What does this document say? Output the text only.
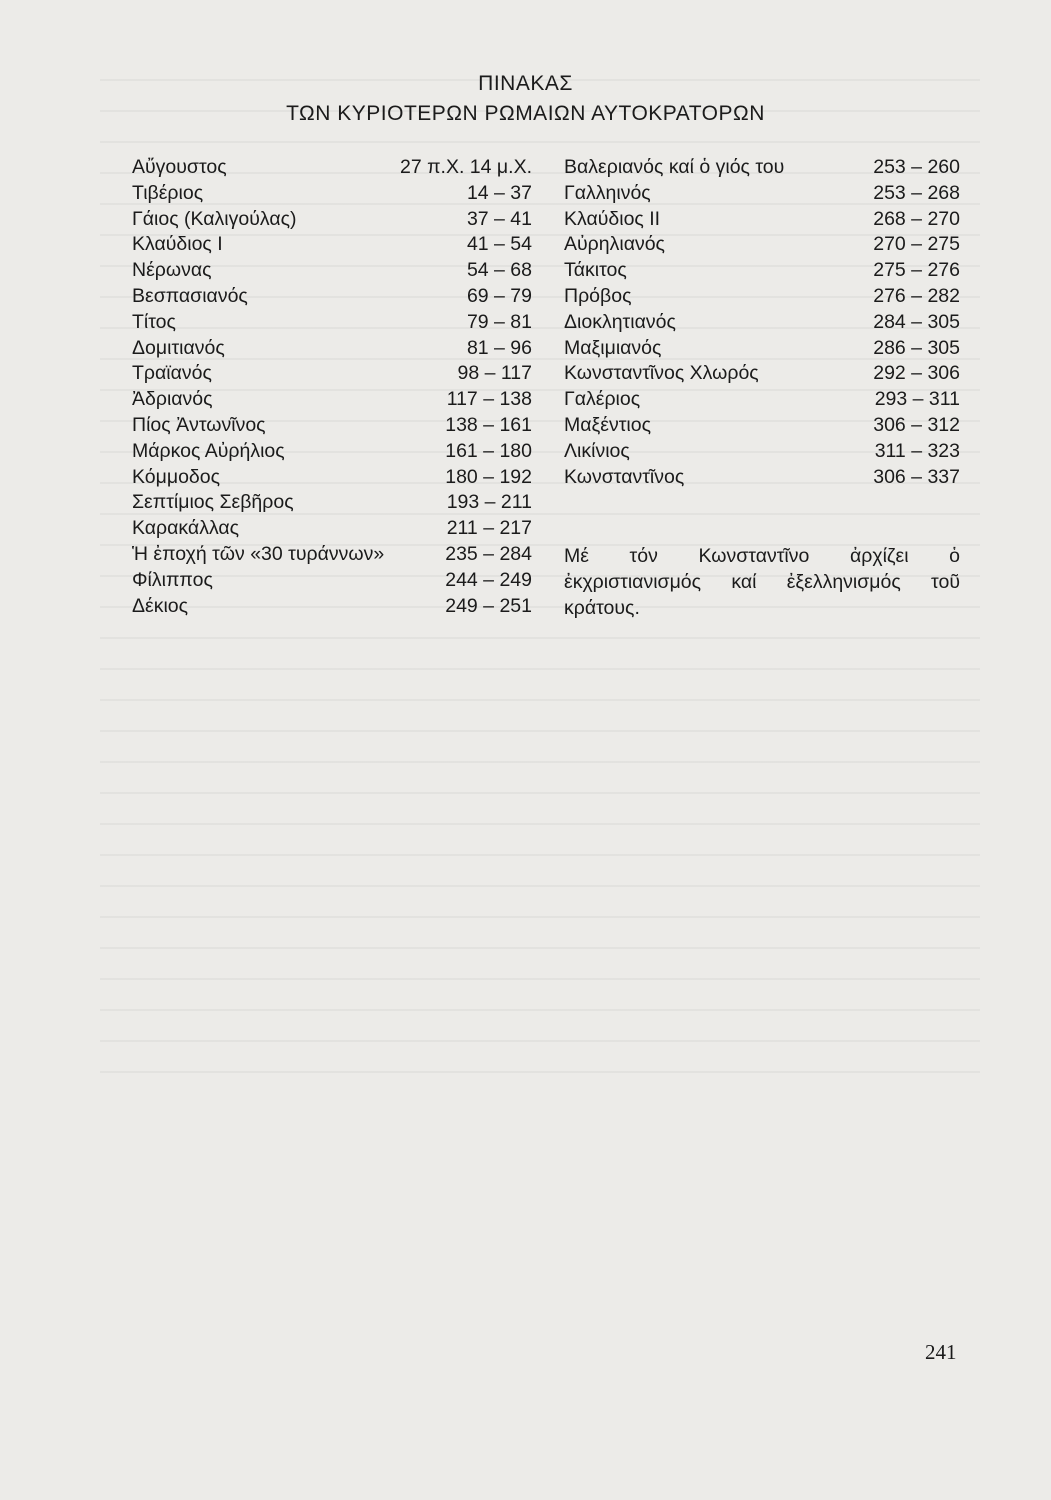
ΠΙΝΑΚΑΣ
ΤΩΝ ΚΥΡΙΟΤΕΡΩΝ ΡΩΜΑΙΩΝ ΑΥΤΟΚΡΑΤΟΡΩΝ
Αὔγουστος	27 π.Χ. 14 μ.Χ.
Τιβέριος	14 – 37
Γάιος (Καλιγούλας)	37 – 41
Κλαύδιος Ι	41 – 54
Νέρωνας	54 – 68
Βεσπασιανός	69 – 79
Τίτος	79 – 81
Δομιτιανός	81 – 96
Τραϊανός	98 – 117
Ἀδριανός	117 – 138
Πίος Ἀντωνῖνος	138 – 161
Μάρκος Αὐρήλιος	161 – 180
Κόμμοδος	180 – 192
Σεπτίμιος Σεβῆρος	193 – 211
Καρακάλλας	211 – 217
Ἡ ἐποχή τῶν «30 τυράννων»	235 – 284
Φίλιππος	244 – 249
Δέκιος	249 – 251
Βαλεριανός καί ὁ γιός του	253 – 260
Γαλληινός	253 – 268
Κλαύδιος ΙΙ	268 – 270
Αὐρηλιανός	270 – 275
Τάκιτος	275 – 276
Πρόβος	276 – 282
Διοκλητιανός	284 – 305
Μαξιμιανός	286 – 305
Κωνσταντῖνος Χλωρός	292 – 306
Γαλέριος	293 – 311
Μαξέντιος	306 – 312
Λικίνιος	311 – 323
Κωνσταντῖνος	306 – 337
Μέ τόν Κωνσταντῖνο ἀρχίζει ὁ ἐκχριστιανισμός καί ἐξελληνισμός τοῦ κράτους.
241
